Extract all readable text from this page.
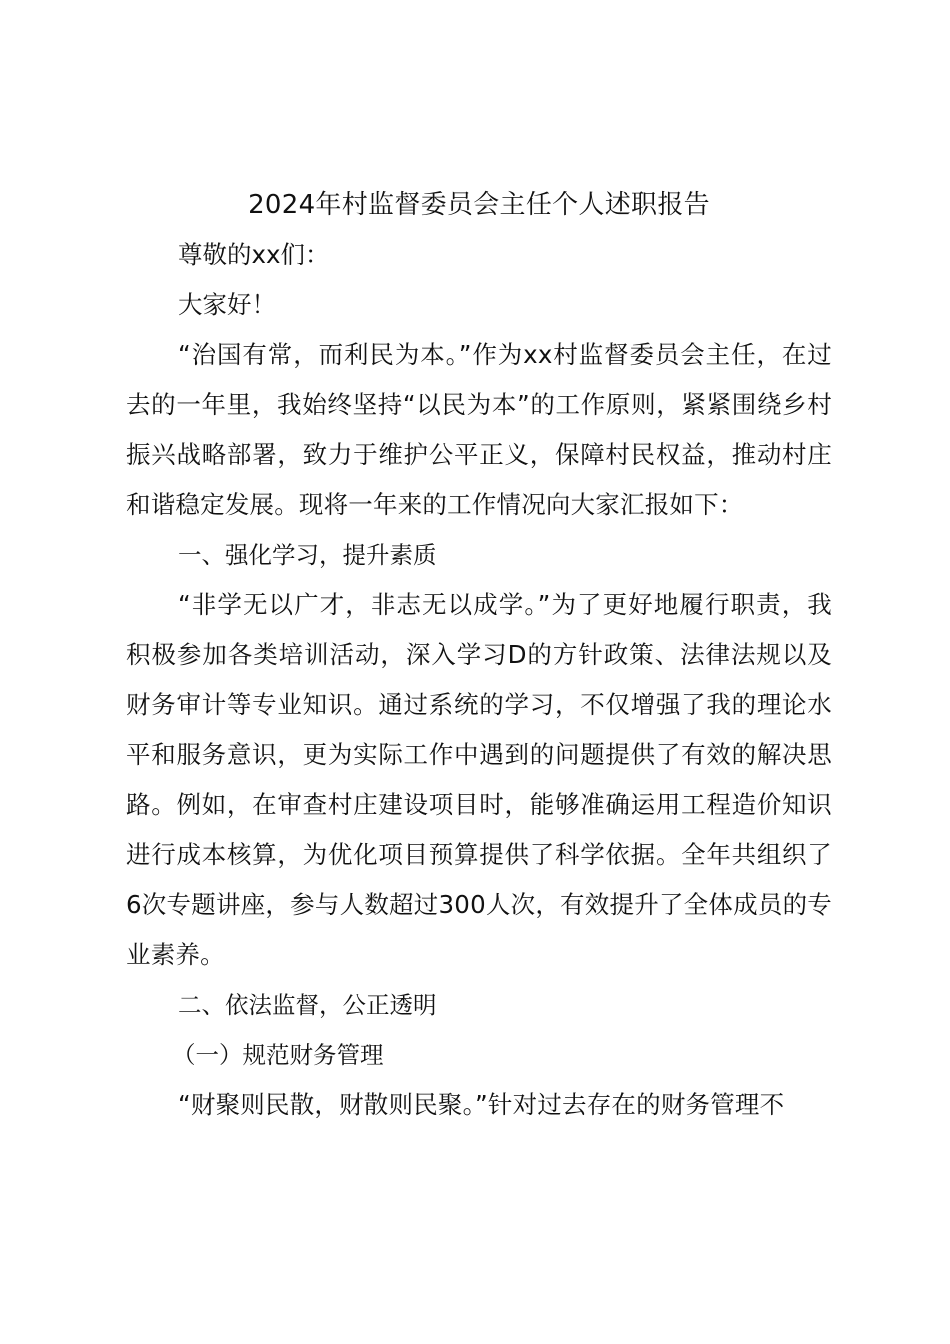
2024年村监督委员会主任个人述职报告

尊敬的xx们：

大家好！

“治国有常，而利民为本。”作为xx村监督委员会主任，在过去的一年里，我始终坚持“以民为本”的工作原则，紧紧围绕乡村振兴战略部署，致力于维护公平正义，保障村民权益，推动村庄和谐稳定发展。现将一年来的工作情况向大家汇报如下：

一、强化学习，提升素质

“非学无以广才，非志无以成学。”为了更好地履行职责，我积极参加各类培训活动，深入学习D的方针政策、法律法规以及财务审计等专业知识。通过系统的学习，不仅增强了我的理论水平和服务意识，更为实际工作中遇到的问题提供了有效的解决思路。例如，在审查村庄建设项目时，能够准确运用工程造价知识进行成本核算，为优化项目预算提供了科学依据。全年共组织了6次专题讲座，参与人数超过300人次，有效提升了全体成员的专业素养。

二、依法监督，公正透明

（一）规范财务管理

“财聚则民散，财散则民聚。”针对过去存在的财务管理不
